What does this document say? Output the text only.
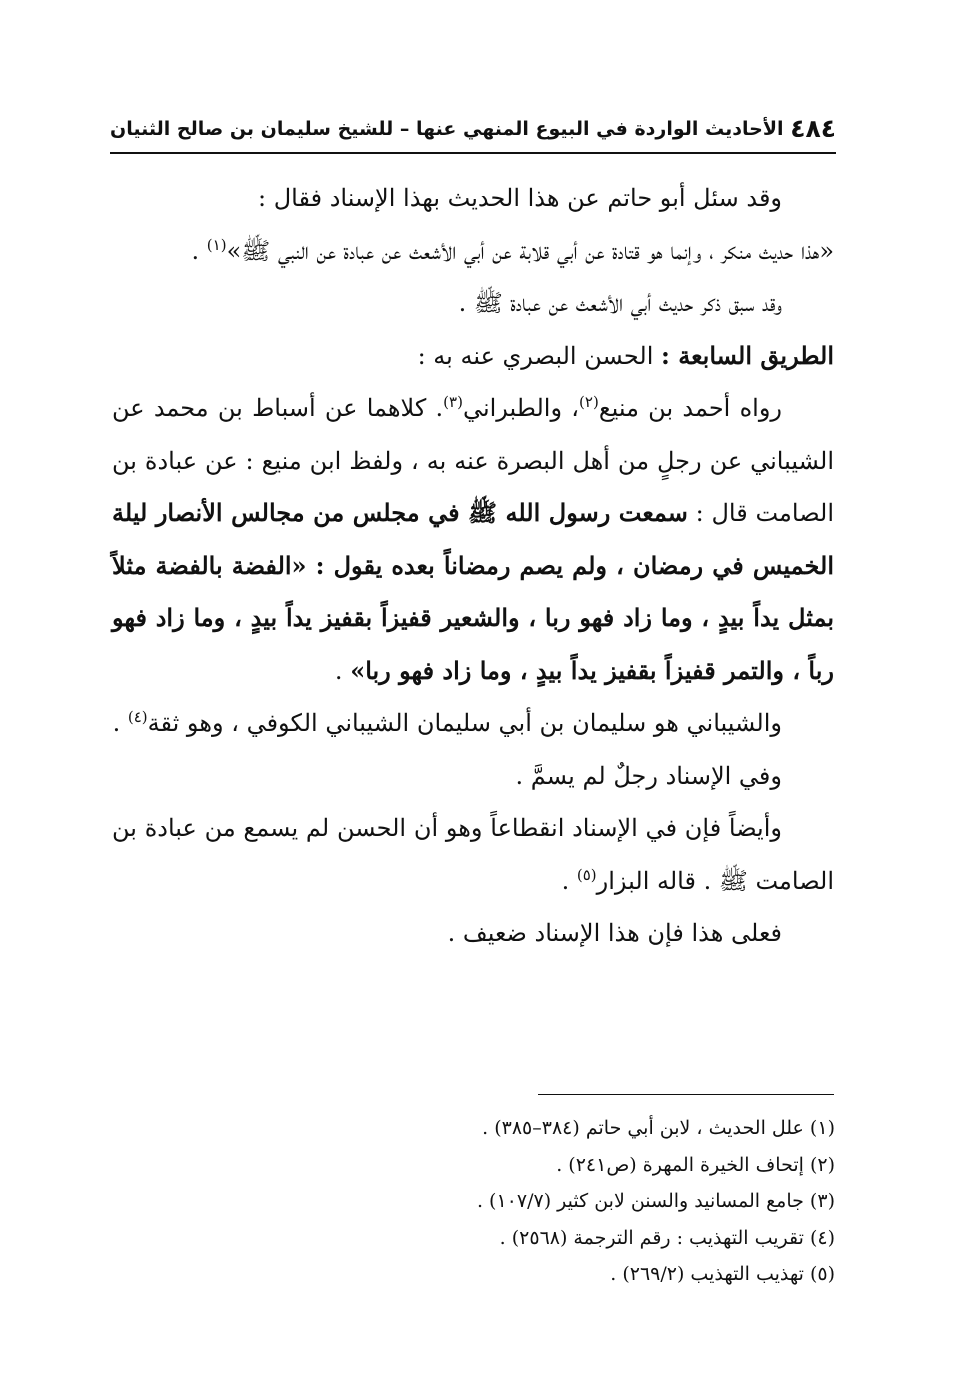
٤٨٤
الأحاديث الواردة في البيوع المنهي عنها – للشيخ سليمان بن صالح الثنيان

وقد سئل أبو حاتم عن هذا الحديث بهذا الإسناد فقال :

«هذا حديث منكر ، وإنما هو قتادة عن أبي قلابة عن أبي الأشعث عن عبادة عن النبي ﷺ»$^{(١)}$ .

وقد سبق ذكر حديث أبي الأشعث عن عبادة ﷺ .

الطريق السابعة : الحسن البصري عنه به :

رواه أحمد بن منيع$^{(٢)}$، والطبراني$^{(٣)}$. كلاهما عن أسباط بن محمد عن الشيباني عن رجلٍ من أهل البصرة عنه به ، ولفظ ابن منيع : عن عبادة بن الصامت قال : سمعت رسول الله ﷺ في مجلس من مجالس الأنصار ليلة الخميس في رمضان ، ولم يصم رمضاناً بعده يقول : «الفضة بالفضة مثلاً بمثل يداً بيدٍ ، وما زاد فهو ربا ، والشعير قفيزاً بقفيز يداً بيدٍ ، وما زاد فهو رباً ، والتمر قفيزاً بقفيز يداً بيدٍ ، وما زاد فهو ربا» .

والشيباني هو سليمان بن أبي سليمان الشيباني الكوفي ، وهو ثقة$^{(٤)}$ .

وفي الإسناد رجلٌ لم يسمَّ .

وأيضاً فإن في الإسناد انقطاعاً وهو أن الحسن لم يسمع من عبادة بن الصامت ﷺ . قاله البزار$^{(٥)}$ .

فعلى هذا فإن هذا الإسناد ضعيف .

(١) علل الحديث ، لابن أبي حاتم (٣٨٤–٣٨٥) .

(٢) إتحاف الخيرة المهرة (ص٢٤١) .

(٣) جامع المسانيد والسنن لابن كثير (١٠٧/٧) .

(٤) تقريب التهذيب : رقم الترجمة (٢٥٦٨) .

(٥) تهذيب التهذيب (٢٦٩/٢) .
